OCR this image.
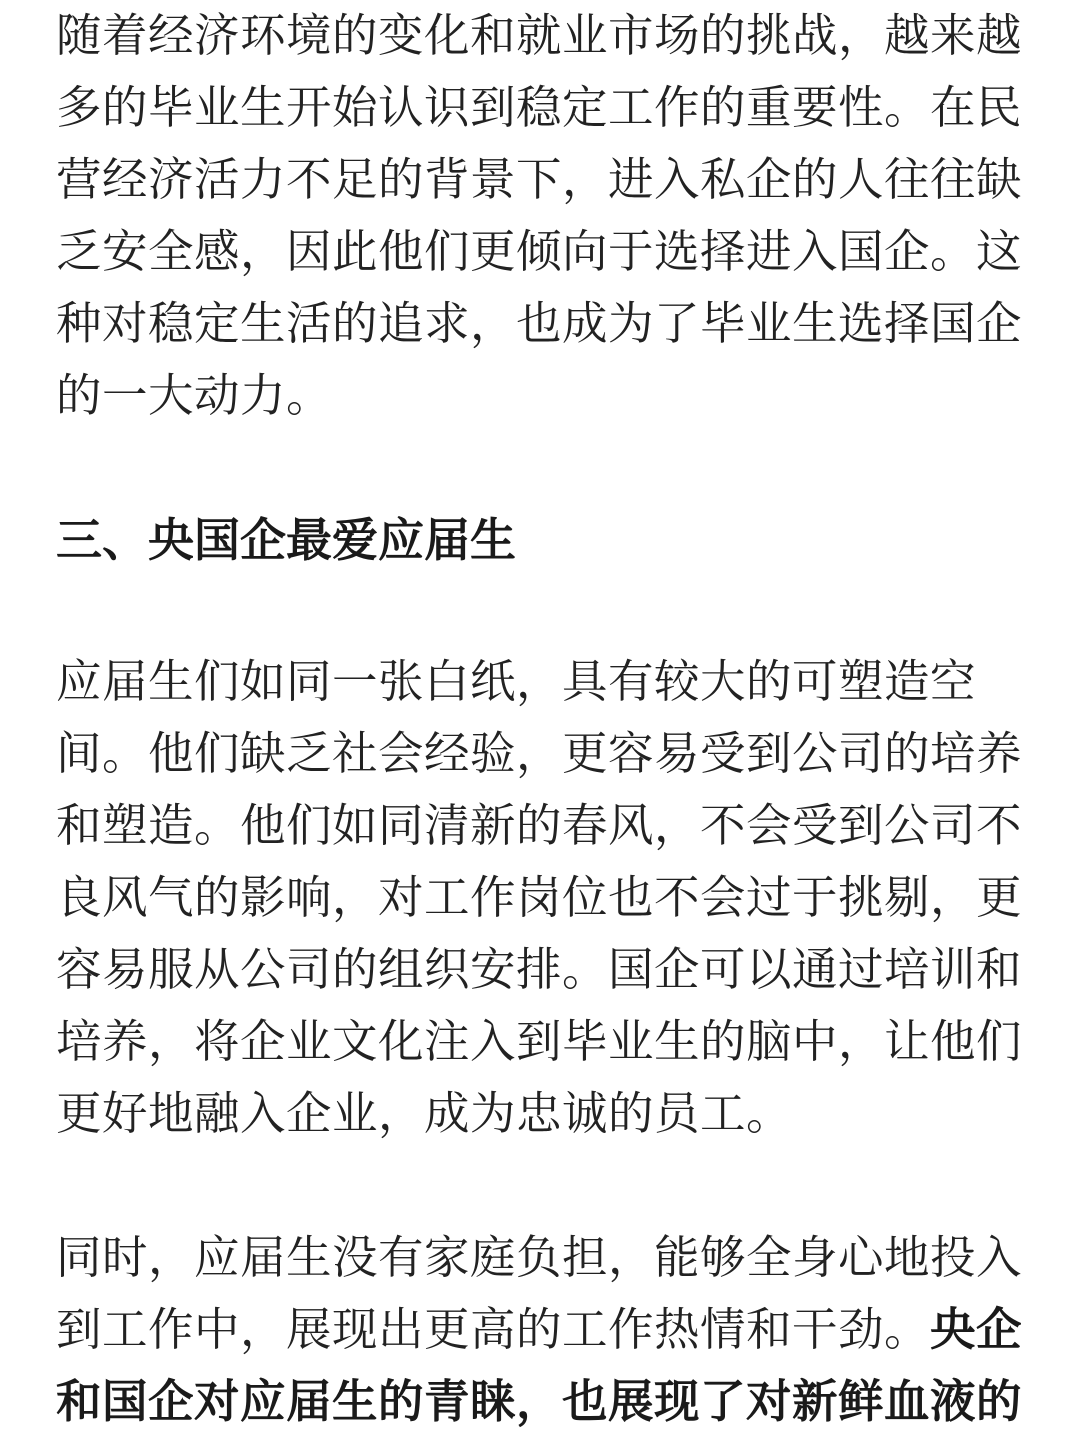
随着经济环境的变化和就业市场的挑战，越来越多的毕业生开始认识到稳定工作的重要性。在民营经济活力不足的背景下，进入私企的人往往缺乏安全感，因此他们更倾向于选择进入国企。这种对稳定生活的追求，也成为了毕业生选择国企的一大动力。

三、央国企最爱应届生

应届生们如同一张白纸，具有较大的可塑造空间。他们缺乏社会经验，更容易受到公司的培养和塑造。他们如同清新的春风，不会受到公司不良风气的影响，对工作岗位也不会过于挑剔，更容易服从公司的组织安排。国企可以通过培训和培养，将企业文化注入到毕业生的脑中，让他们更好地融入企业，成为忠诚的员工。

同时，应届生没有家庭负担，能够全身心地投入到工作中，展现出更高的工作热情和干劲。央企和国企对应届生的青睐，也展现了对新鲜血液的
